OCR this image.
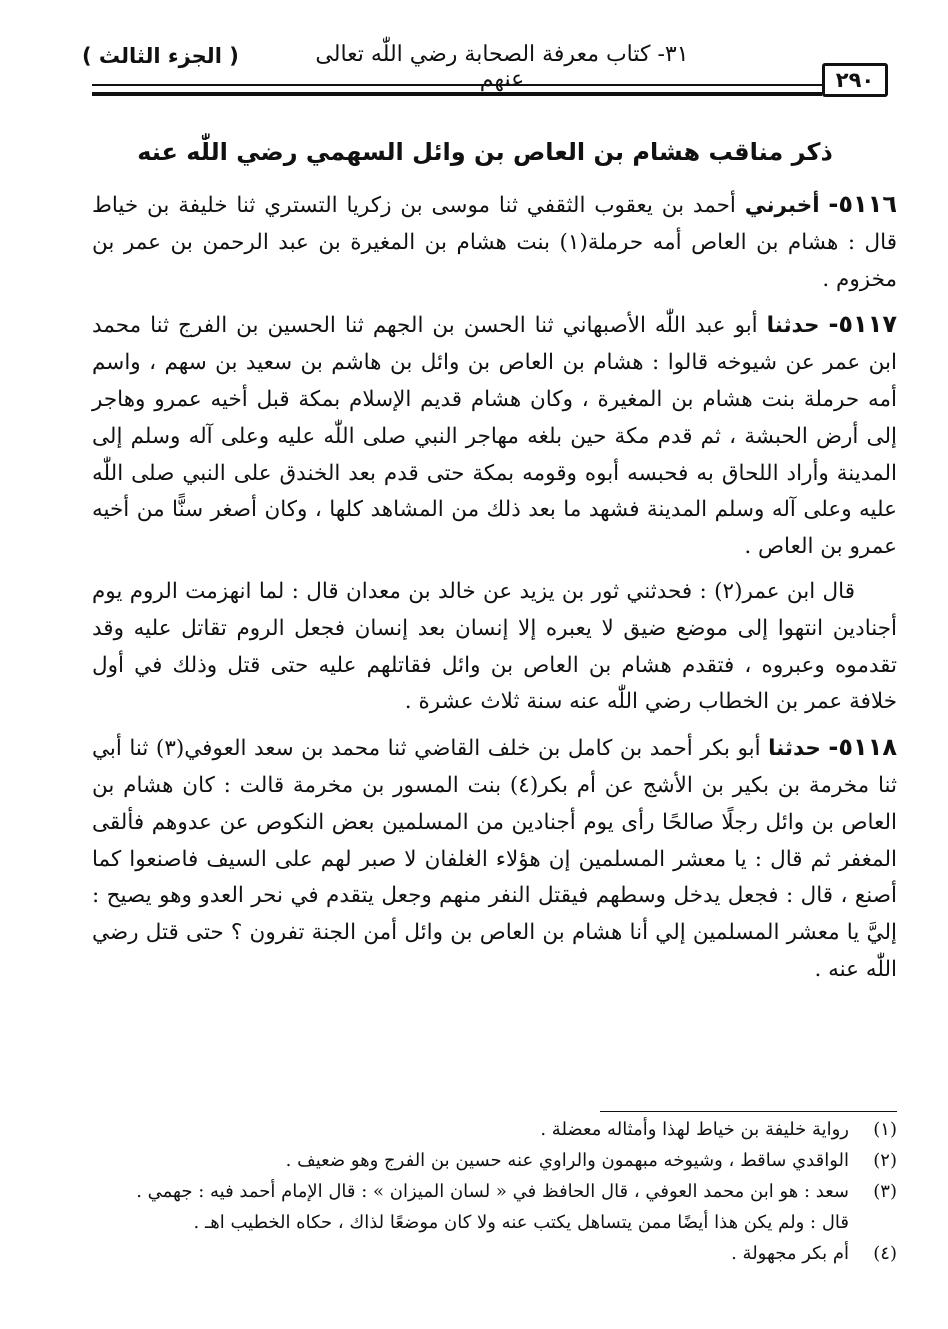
( الجزء الثالث )	٣١- كتاب معرفة الصحابة رضي اللّٰه تعالى عنهم	٢٩٠
ذكر مناقب هشام بن العاص بن وائل السهمي رضي اللّٰه عنه

٥١١٦- أخبرني أحمد بن يعقوب الثقفي ثنا موسى بن زكريا التستري ثنا خليفة بن خياط قال : هشام بن العاص أمه حرملة(١) بنت هشام بن المغيرة بن عبد الرحمن بن عمر بن مخزوم .

٥١١٧- حدثنا أبو عبد اللّٰه الأصبهاني ثنا الحسن بن الجهم ثنا الحسين بن الفرج ثنا محمد ابن عمر عن شيوخه قالوا : هشام بن العاص بن وائل بن هاشم بن سعيد بن سهم ، واسم أمه حرملة بنت هشام بن المغيرة ، وكان هشام قديم الإسلام بمكة قبل أخيه عمرو وهاجر إلى أرض الحبشة ، ثم قدم مكة حين بلغه مهاجر النبي صلى اللّٰه عليه وعلى آله وسلم إلى المدينة وأراد اللحاق به فحبسه أبوه وقومه بمكة حتى قدم بعد الخندق على النبي صلى اللّٰه عليه وعلى آله وسلم المدينة فشهد ما بعد ذلك من المشاهد كلها ، وكان أصغر سنًّا من أخيه عمرو بن العاص .

قال ابن عمر(٢) : فحدثني ثور بن يزيد عن خالد بن معدان قال : لما انهزمت الروم يوم أجنادين انتهوا إلى موضع ضيق لا يعبره إلا إنسان بعد إنسان فجعل الروم تقاتل عليه وقد تقدموه وعبروه ، فتقدم هشام بن العاص بن وائل فقاتلهم عليه حتى قتل وذلك في أول خلافة عمر بن الخطاب رضي اللّٰه عنه سنة ثلاث عشرة .

٥١١٨- حدثنا أبو بكر أحمد بن كامل بن خلف القاضي ثنا محمد بن سعد العوفي(٣) ثنا أبي ثنا مخرمة بن بكير بن الأشج عن أم بكر(٤) بنت المسور بن مخرمة قالت : كان هشام بن العاص بن وائل رجلًا صالحًا رأى يوم أجنادين من المسلمين بعض النكوص عن عدوهم فألقى المغفر ثم قال : يا معشر المسلمين إن هؤلاء الغلفان لا صبر لهم على السيف فاصنعوا كما أصنع ، قال : فجعل يدخل وسطهم فيقتل النفر منهم وجعل يتقدم في نحر العدو وهو يصيح : إليَّ يا معشر المسلمين إلي أنا هشام بن العاص بن وائل أمن الجنة تفرون ؟ حتى قتل رضي اللّٰه عنه .

(١)
رواية خليفة بن خياط لهذا وأمثاله معضلة .

(٢)
الواقدي ساقط ، وشيوخه مبهمون والراوي عنه حسين بن الفرج وهو ضعيف .

(٣)
سعد : هو ابن محمد العوفي ، قال الحافظ في « لسان الميزان » : قال الإمام أحمد فيه : جهمي . قال : ولم يكن هذا أيضًا ممن يتساهل يكتب عنه ولا كان موضعًا لذاك ، حكاه الخطيب اهـ .

(٤)
أم بكر مجهولة .
